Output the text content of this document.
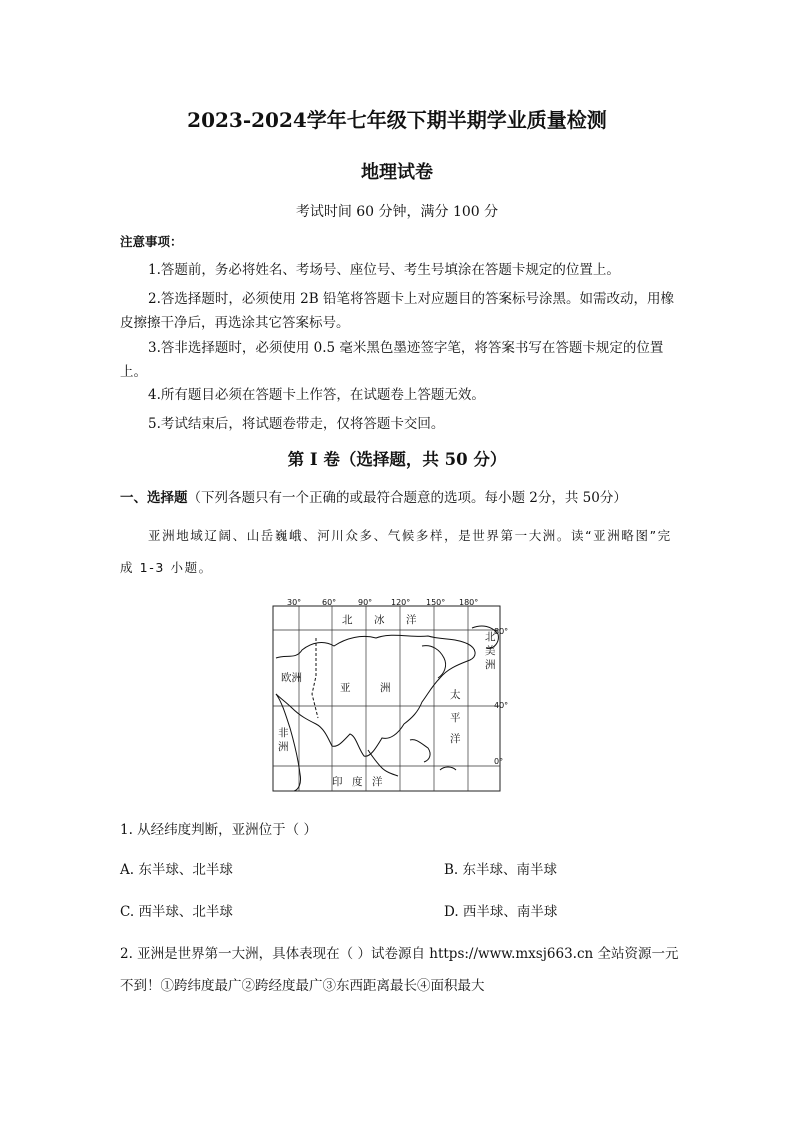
2023-2024学年七年级下期半期学业质量检测
地理试卷
考试时间 60 分钟，满分 100 分
注意事项：
1.答题前，务必将姓名、考场号、座位号、考生号填涂在答题卡规定的位置上。
2.答选择题时，必须使用 2B 铅笔将答题卡上对应题目的答案标号涂黑。如需改动，用橡皮擦擦干净后，再选涂其它答案标号。
3.答非选择题时，必须使用 0.5 毫米黑色墨迹签字笔，将答案书写在答题卡规定的位置上。
4.所有题目必须在答题卡上作答，在试题卷上答题无效。
5.考试结束后，将试题卷带走，仅将答题卡交回。
第 I 卷（选择题，共 50 分）
一、选择题（下列各题只有一个正确的或最符合题意的选项。每小题 2分，共 50分）
亚洲地域辽阔、山岳巍峨、河川众多、气候多样，是世界第一大洲。读“亚洲略图”完成 1-3 小题。
30°	60°	90° 120° 150° 180°
80°
40°
0°
北 冰 洋
欧洲
亚	洲
非
洲
太
平
洋
印 度 洋
北
美
洲
1. 从经纬度判断，亚洲位于（ ）
A. 东半球、北半球	B. 东半球、南半球
C. 西半球、北半球	D. 西半球、南半球
2. 亚洲是世界第一大洲，具体表现在（ ）试卷源自 https://www.mxsj663.cn 全站资源一元不到！①跨纬度最广②跨经度最广③东西距离最长④面积最大
